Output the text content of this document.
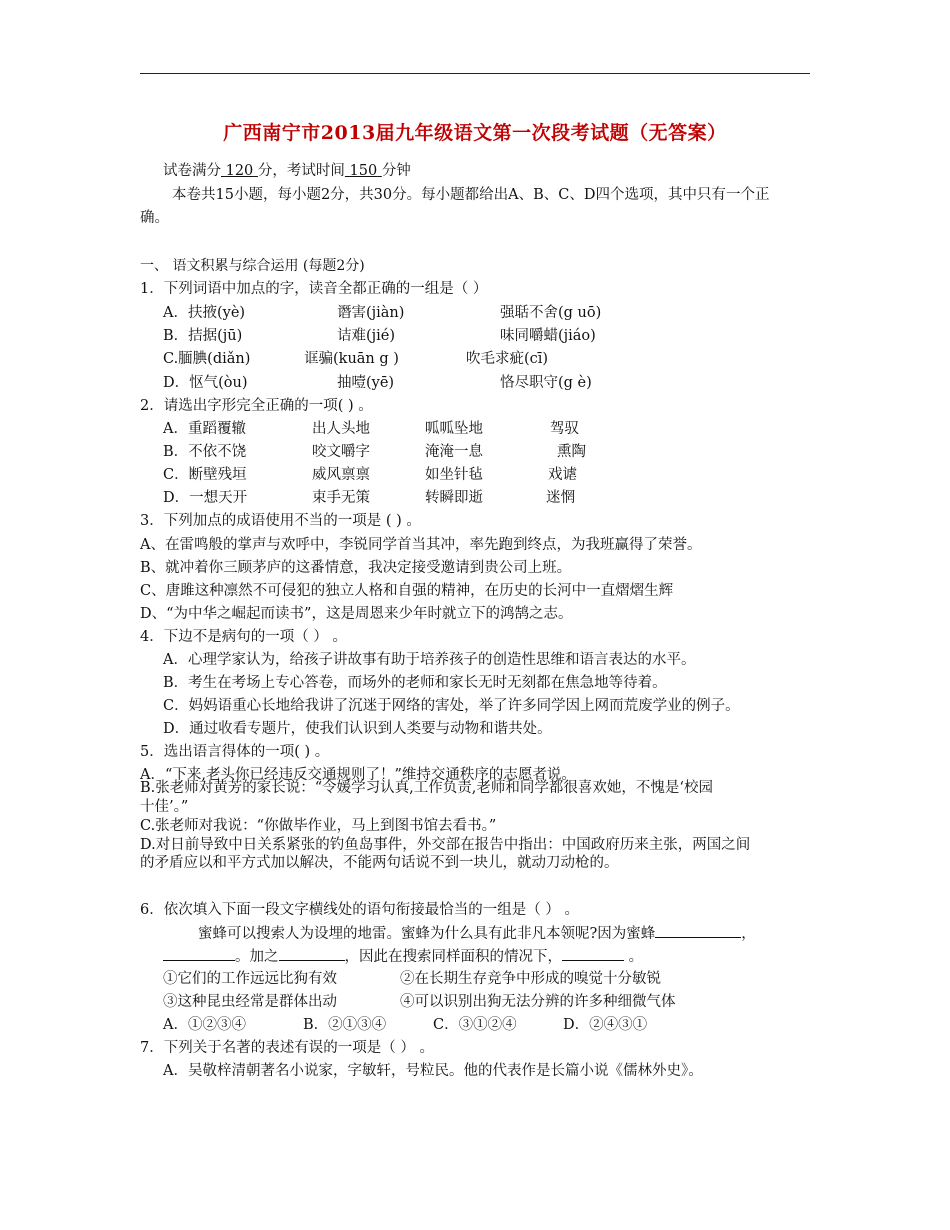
广西南宁市2013届九年级语文第一次段考试题（无答案）
试卷满分 120 分，考试时间 150 分钟
本卷共15小题，每小题2分，共30分。每小题都给出A、B、C、D四个选项，其中只有一个正
确。
一、 语文积累与综合运用 (每题2分)
1．下列词语中加点的字，读音全都正确的一组是（ ）
A．扶掖(yè)	谮害(jiàn)	强聒不舍(g uō)
B．拮据(jū)	诘难(jié)	味同嚼蜡(jiáo)
C.腼腆(diǎn)	诓骗(kuān g )	吹毛求疵(cī)
D．怄气(òu)	抽噎(yē)	恪尽职守(g è)
2．请选出字形完全正确的一项( ) 。
A．重蹈覆辙	出人头地	呱呱坠地	驾驭
B．不依不饶	咬文嚼字	淹淹一息	熏陶
C．断壁残垣	威风禀禀	如坐针毡	戏谑
D．一想天开	束手无策	转瞬即逝	迷惘
3．下列加点的成语使用不当的一项是 ( ) 。
A、在雷鸣般的掌声与欢呼中，李锐同学首当其冲，率先跑到终点，为我班赢得了荣誉。
B、就冲着你三顾茅庐的这番情意，我决定接受邀请到贵公司上班。
C、唐雎这种凛然不可侵犯的独立人格和自强的精神，在历史的长河中一直熠熠生辉
D、“为中华之崛起而读书”，这是周恩来少年时就立下的鸿鹄之志。
4．下边不是病句的一项（ ） 。
A．心理学家认为，给孩子讲故事有助于培养孩子的创造性思维和语言表达的水平。
B．考生在考场上专心答卷，而场外的老师和家长无时无刻都在焦急地等待着。
C．妈妈语重心长地给我讲了沉迷于网络的害处，举了许多同学因上网而荒废学业的例子。
D．通过收看专题片，使我们认识到人类要与动物和谐共处。
5．选出语言得体的一项( ) 。
A．“下来,老头你已经违反交通规则了！”维持交通秩序的志愿者说。
B.张老师对黄芳的家长说：“令媛学习认真,工作负责,老师和同学都很喜欢她，不愧是‘校园
十佳’。”
C.张老师对我说：“你做毕作业，马上到图书馆去看书。”
D.对日前导致中日关系紧张的钓鱼岛事件，外交部在报告中指出：中国政府历来主张，两国之间
的矛盾应以和平方式加以解决，不能两句话说不到一块儿，就动刀动枪的。
6．依次填入下面一段文字横线处的语句衔接最恰当的一组是（ ） 。
蜜蜂可以搜索人为设埋的地雷。蜜蜂为什么具有此非凡本领呢?因为蜜蜂	，
。加之	，因此在搜索同样面积的情况下，	。
①它们的工作远远比狗有效	②在长期生存竞争中形成的嗅觉十分敏锐
③这种昆虫经常是群体出动	④可以识别出狗无法分辨的许多种细微气体
A．①②③④	B．②①③④	C．③①②④	D．②④③①
7．下列关于名著的表述有误的一项是（ ） 。
A．吴敬梓清朝著名小说家，字敏轩，号粒民。他的代表作是长篇小说《儒林外史》。
